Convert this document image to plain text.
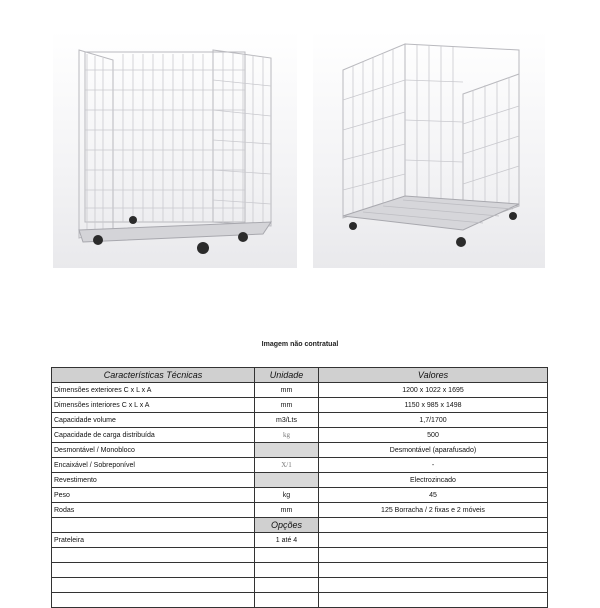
Imagem não contratual
Características Técnicas	Unidade	Valores
Dimensões exteriores C x L x A	mm	1200 x 1022 x 1695
Dimensões interiores C x L x A	mm	1150 x 985 x 1498
Capacidade volume	m3/Lts	1,7/1700
Capacidade de carga distribuída	kg	500
Desmontável / Monobloco		Desmontável (aparafusado)
Encaixável / Sobreponível	X/1	-
Revestimento		Electrozincado
Peso	kg	45
Rodas	mm	125 Borracha / 2 fixas e 2 móveis
	Opções	
Prateleira	1 até 4	
